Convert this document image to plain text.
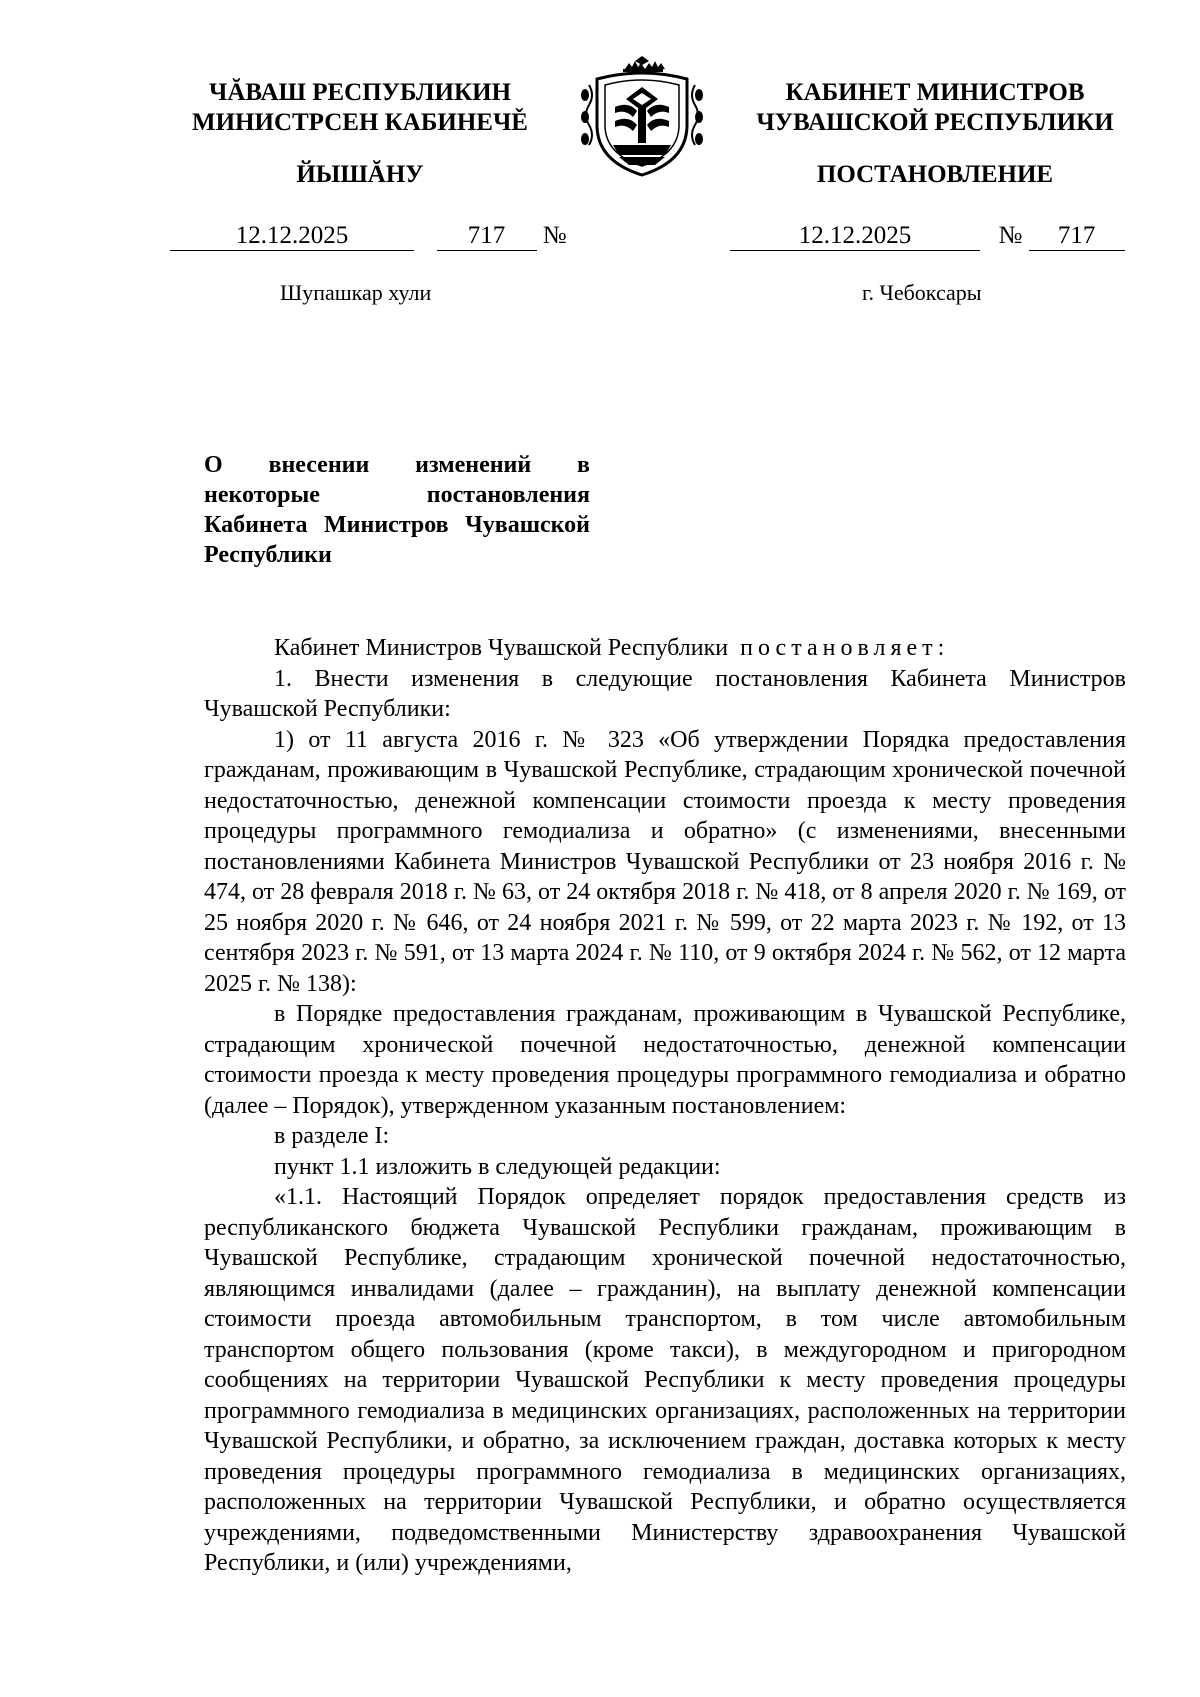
ЧĂВАШ РЕСПУБЛИКИН
МИНИСТРСЕН КАБИНЕЧĚ
ЙЫШĂНУ
КАБИНЕТ МИНИСТРОВ
ЧУВАШСКОЙ РЕСПУБЛИКИ
ПОСТАНОВЛЕНИЕ
12.12.2025	717 №	12.12.2025	№ 717
Шупашкар хули	г. Чебоксары
О внесении изменений в некоторые постановления Кабинета Министров Чувашской Республики

Кабинет Министров Чувашской Республики постановляет:

1. Внести изменения в следующие постановления Кабинета Министров Чувашской Республики:

1) от 11 августа 2016 г. № 323 «Об утверждении Порядка предоставления гражданам, проживающим в Чувашской Республике, страдающим хронической почечной недостаточностью, денежной компенсации стоимости проезда к месту проведения процедуры программного гемодиализа и обратно» (с изменениями, внесенными постановлениями Кабинета Министров Чувашской Республики от 23 ноября 2016 г. № 474, от 28 февраля 2018 г. № 63, от 24 октября 2018 г. № 418, от 8 апреля 2020 г. № 169, от 25 ноября 2020 г. № 646, от 24 ноября 2021 г. № 599, от 22 марта 2023 г. № 192, от 13 сентября 2023 г. № 591, от 13 марта 2024 г. № 110, от 9 октября 2024 г. № 562, от 12 марта 2025 г. № 138):

в Порядке предоставления гражданам, проживающим в Чувашской Республике, страдающим хронической почечной недостаточностью, денежной компенсации стоимости проезда к месту проведения процедуры программного гемодиализа и обратно (далее – Порядок), утвержденном указанным постановлением:

в разделе I:

пункт 1.1 изложить в следующей редакции:

«1.1. Настоящий Порядок определяет порядок предоставления средств из республиканского бюджета Чувашской Республики гражданам, проживающим в Чувашской Республике, страдающим хронической почечной недостаточностью, являющимся инвалидами (далее – гражданин), на выплату денежной компенсации стоимости проезда автомобильным транспортом, в том числе автомобильным транспортом общего пользования (кроме такси), в междугородном и пригородном сообщениях на территории Чувашской Республики к месту проведения процедуры программного гемодиализа в медицинских организациях, расположенных на территории Чувашской Республики, и обратно, за исключением граждан, доставка которых к месту проведения процедуры программного гемодиализа в медицинских организациях, расположенных на территории Чувашской Республики, и обратно осуществляется учреждениями, подведомственными Министерству здравоохранения Чувашской Республики, и (или) учреждениями,
